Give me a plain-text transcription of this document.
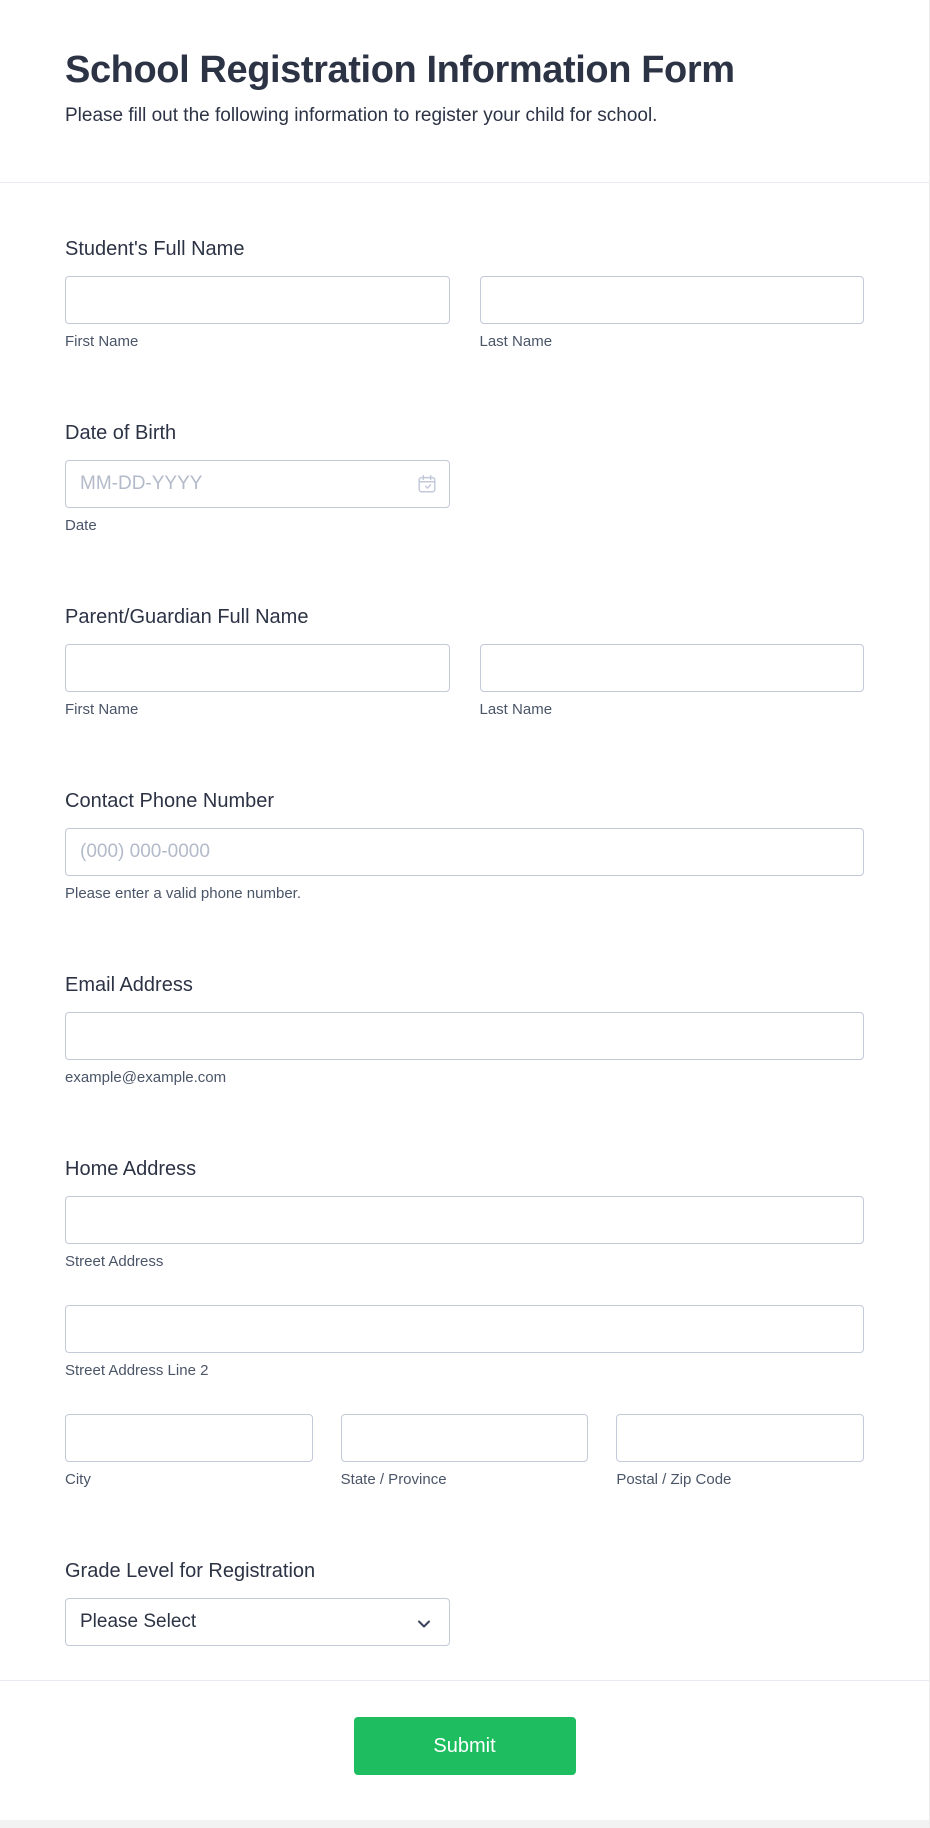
School Registration Information Form

Please fill out the following information to register your child for school.

Student's Full Name
First Name	Last Name
Date of Birth
MM-DD-YYYY
Date
Parent/Guardian Full Name
First Name	Last Name
Contact Phone Number
(000) 000-0000
Please enter a valid phone number.
Email Address
example@example.com
Home Address
Street Address
Street Address Line 2
City	State / Province	Postal / Zip Code
Grade Level for Registration
Please Select
Submit
